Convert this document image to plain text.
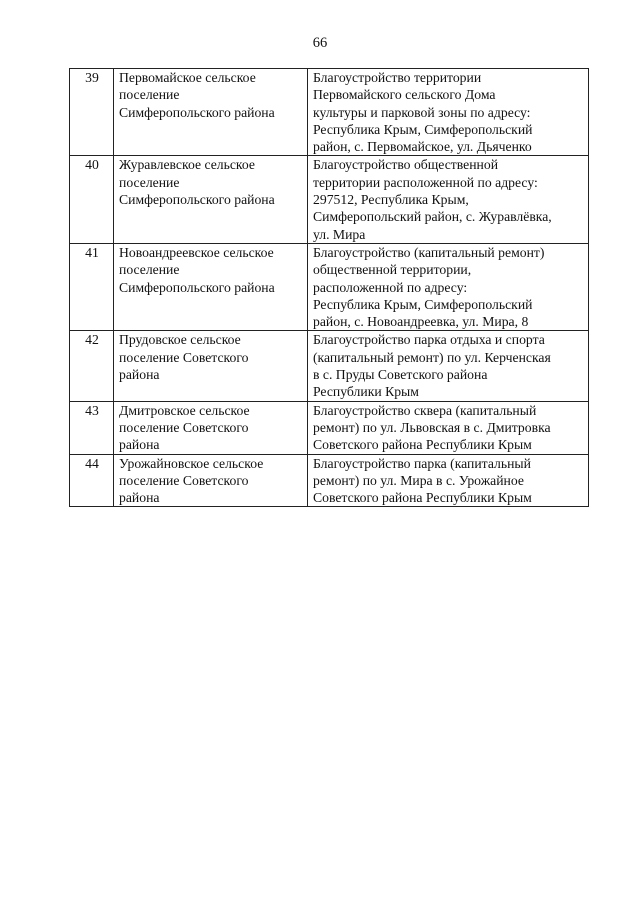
66
39	Первомайское сельское
поселение
Симферопольского района	Благоустройство территории
Первомайского сельского Дома
культуры и парковой зоны по адресу:
Республика Крым, Симферопольский
район, с. Первомайское, ул. Дьяченко

40	Журавлевское сельское
поселение
Симферопольского района	Благоустройство общественной
территории расположенной по адресу:
297512, Республика Крым,
Симферопольский район, с. Журавлёвка,
ул. Мира

41	Новоандреевское сельское
поселение
Симферопольского района	Благоустройство (капитальный ремонт)
общественной территории,
расположенной по адресу:
Республика Крым, Симферопольский
район, с. Новоандреевка, ул. Мира, 8

42	Прудовское сельское
поселение Советского
района	Благоустройство парка отдыха и спорта
(капитальный ремонт) по ул. Керченская
в с. Пруды Советского района
Республики Крым

43	Дмитровское сельское
поселение Советского
района	Благоустройство сквера (капитальный
ремонт) по ул. Львовская в с. Дмитровка
Советского района Республики Крым

44	Урожайновское сельское
поселение Советского
района	Благоустройство парка (капитальный
ремонт) по ул. Мира в с. Урожайное
Советского района Республики Крым
